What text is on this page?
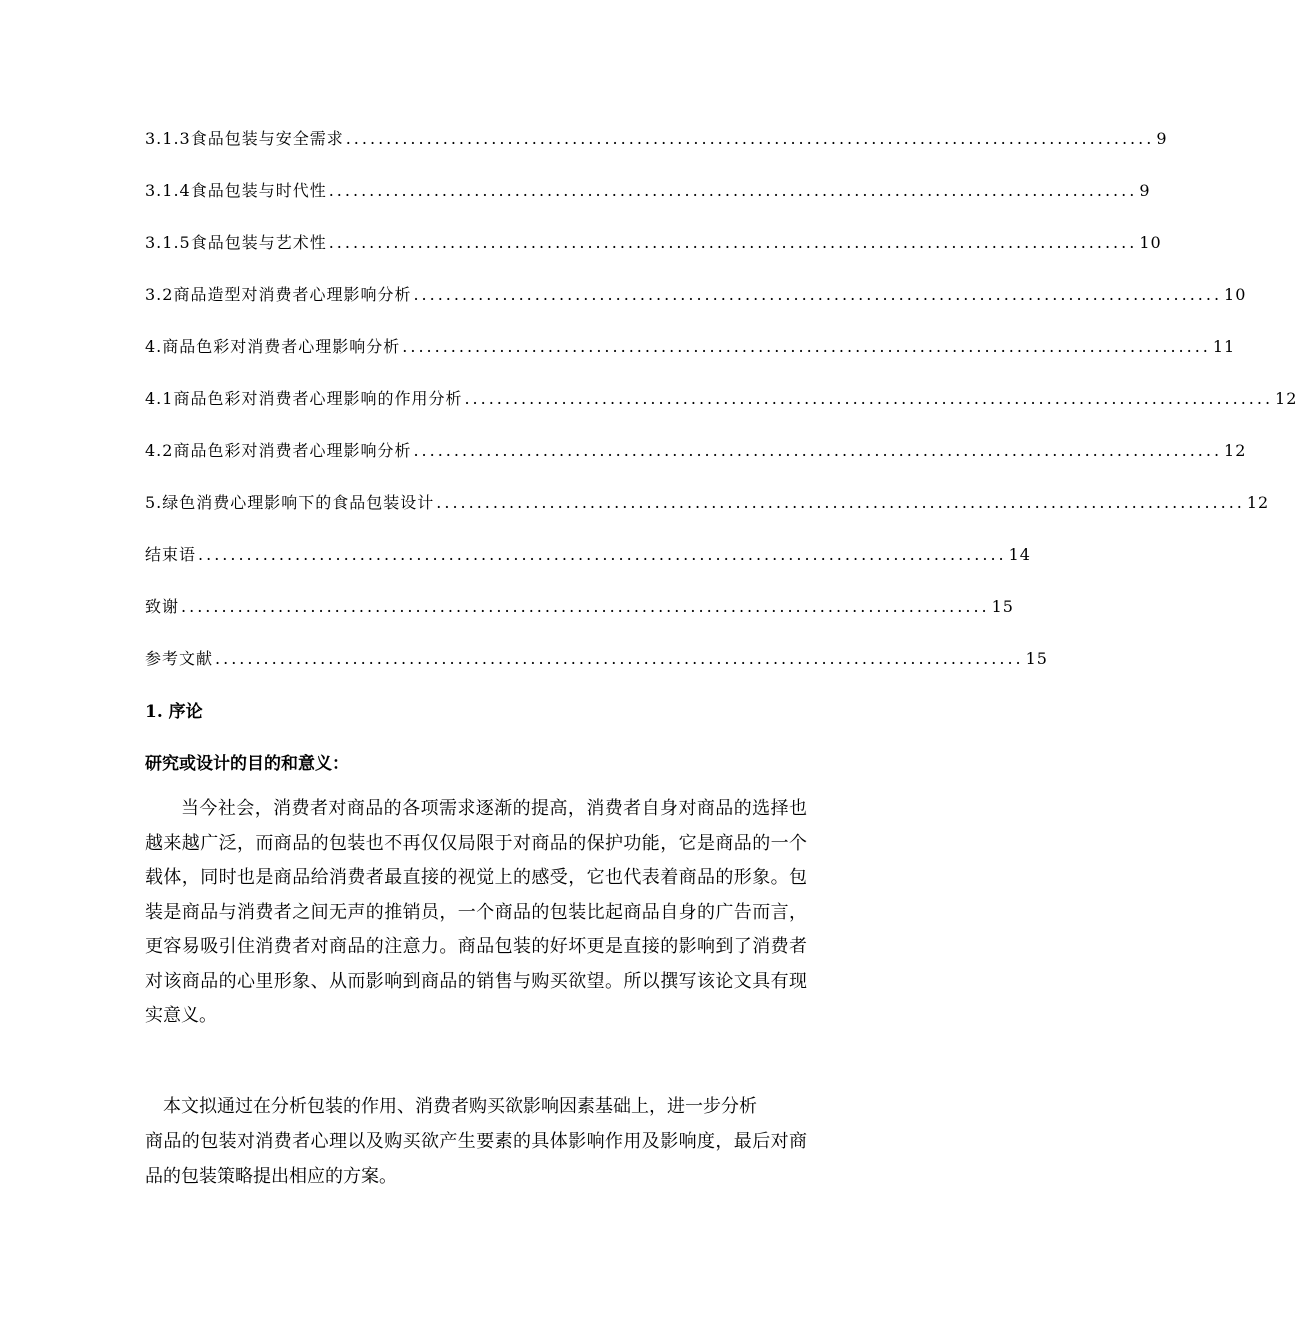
3.1.3食品包装与安全需求 .................................................................................................... 9
3.1.4食品包装与时代性 .................................................................................................... 9
3.1.5食品包装与艺术性 .................................................................................................... 10
3.2商品造型对消费者心理影响分析 .................................................................................................... 10
4.商品色彩对消费者心理影响分析 .................................................................................................... 11
4.1商品色彩对消费者心理影响的作用分析 .................................................................................................... 12
4.2商品色彩对消费者心理影响分析 .................................................................................................... 12
5.绿色消费心理影响下的食品包装设计 .................................................................................................... 12
结束语 .................................................................................................... 14
致谢 .................................................................................................... 15
参考文献 .................................................................................................... 15
1. 序论
研究或设计的目的和意义：

当今社会，消费者对商品的各项需求逐渐的提高，消费者自身对商品的选择也越来越广泛，而商品的包装也不再仅仅局限于对商品的保护功能，它是商品的一个载体，同时也是商品给消费者最直接的视觉上的感受，它也代表着商品的形象。包装是商品与消费者之间无声的推销员，一个商品的包装比起商品自身的广告而言，更容易吸引住消费者对商品的注意力。商品包装的好坏更是直接的影响到了消费者对该商品的心里形象、从而影响到商品的销售与购买欲望。所以撰写该论文具有现实意义。

本文拟通过在分析包装的作用、消费者购买欲影响因素基础上，进一步分析

商品的包装对消费者心理以及购买欲产生要素的具体影响作用及影响度，最后对商品的包装策略提出相应的方案。
